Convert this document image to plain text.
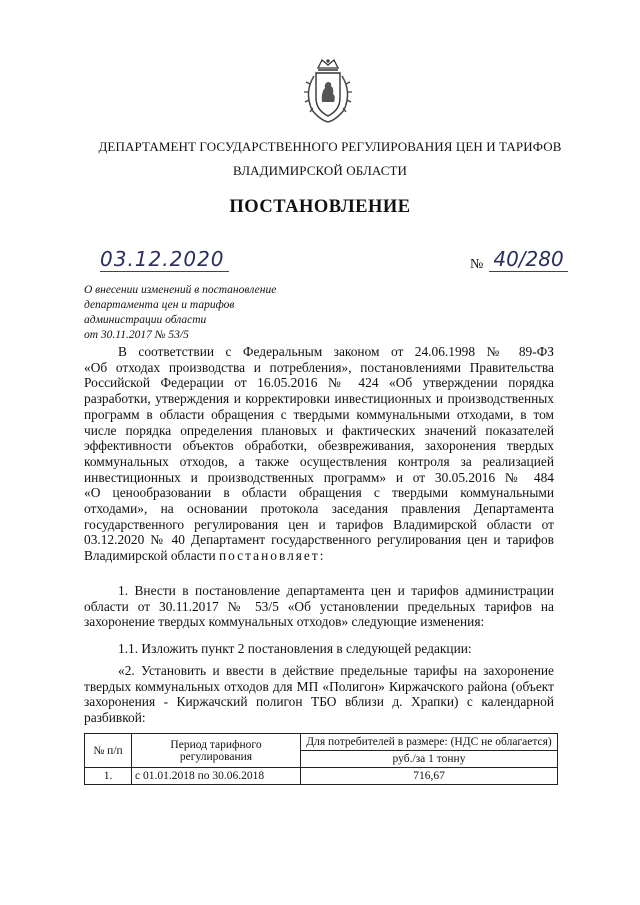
ДЕПАРТАМЕНТ ГОСУДАРСТВЕННОГО РЕГУЛИРОВАНИЯ ЦЕН И ТАРИФОВ
ВЛАДИМИРСКОЙ ОБЛАСТИ
ПОСТАНОВЛЕНИЕ
03.12.2020	№ 40/280
О внесении изменений в постановление
департамента цен и тарифов
администрации области
от 30.11.2017 № 53/5
В соответствии с Федеральным законом от 24.06.1998 № 89-ФЗ
«Об отходах производства и потребления», постановлениями Правительства
Российской Федерации от 16.05.2016 № 424 «Об утверждении порядка
разработки, утверждения и корректировки инвестиционных и производственных
программ в области обращения с твердыми коммунальными отходами, в том
числе порядка определения плановых и фактических значений показателей
эффективности объектов обработки, обезвреживания, захоронения твердых
коммунальных отходов, а также осуществления контроля за реализацией
инвестиционных и производственных программ» и от 30.05.2016 № 484
«О ценообразовании в области обращения с твердыми коммунальными
отходами», на основании протокола заседания правления Департамента
государственного регулирования цен и тарифов Владимирской области от
03.12.2020 № 40 Департамент государственного регулирования цен и тарифов
Владимирской области постановляет:
1. Внести в постановление департамента цен и тарифов администрации области от 30.11.2017 № 53/5 «Об установлении предельных тарифов на захоронение твердых коммунальных отходов» следующие изменения:
1.1. Изложить пункт 2 постановления в следующей редакции:
«2. Установить и ввести в действие предельные тарифы на захоронение твердых коммунальных отходов для МП «Полигон» Киржачского района (объект захоронения - Киржачский полигон ТБО вблизи д. Храпки) с календарной разбивкой:
№ п/п	Период тарифного регулирования	Для потребителей в размере: (НДС не облагается)
		руб./за 1 тонну
1.	с 01.01.2018 по 30.06.2018	716,67
